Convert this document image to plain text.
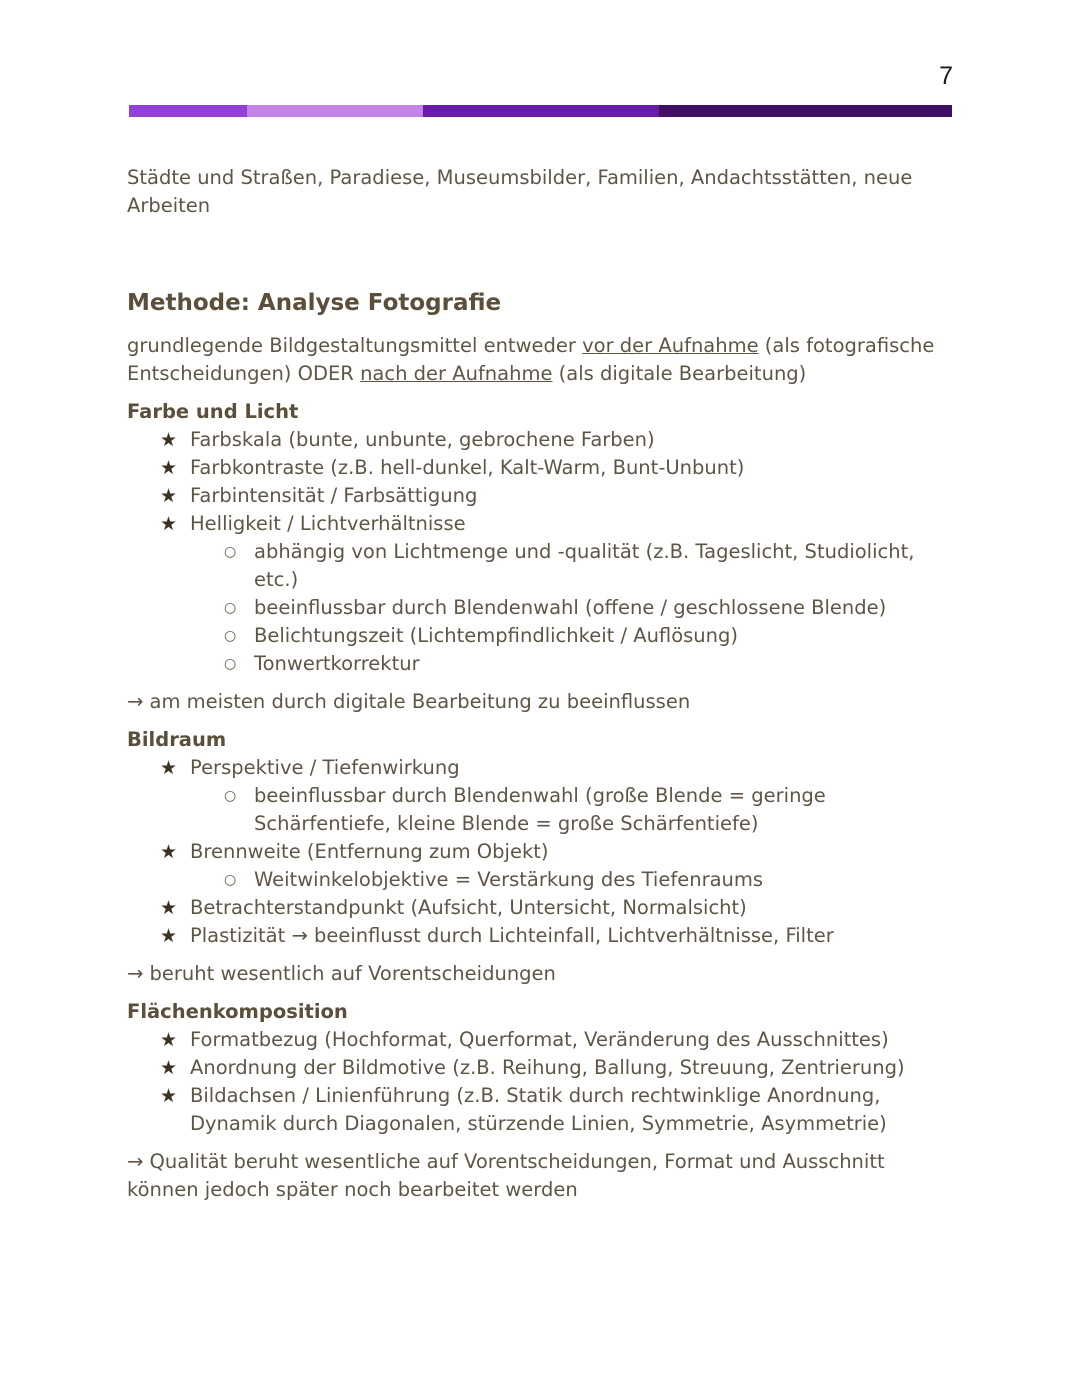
7

Städte und Straßen, Paradiese, Museumsbilder, Familien, Andachtsstätten, neue Arbeiten

Methode: Analyse Fotografie

grundlegende Bildgestaltungsmittel entweder vor der Aufnahme (als fotografische Entscheidungen) ODER nach der Aufnahme (als digitale Bearbeitung)

Farbe und Licht
★ Farbskala (bunte, unbunte, gebrochene Farben)
★ Farbkontraste (z.B. hell-dunkel, Kalt-Warm, Bunt-Unbunt)
★ Farbintensität / Farbsättigung
★ Helligkeit / Lichtverhältnisse
○ abhängig von Lichtmenge und -qualität (z.B. Tageslicht, Studiolicht, etc.)
○ beeinflussbar durch Blendenwahl (offene / geschlossene Blende)
○ Belichtungszeit (Lichtempfindlichkeit / Auflösung)
○ Tonwertkorrektur

→ am meisten durch digitale Bearbeitung zu beeinflussen

Bildraum
★ Perspektive / Tiefenwirkung
○ beeinflussbar durch Blendenwahl (große Blende = geringe Schärfentiefe, kleine Blende = große Schärfentiefe)
★ Brennweite (Entfernung zum Objekt)
○ Weitwinkelobjektive = Verstärkung des Tiefenraums
★ Betrachterstandpunkt (Aufsicht, Untersicht, Normalsicht)
★ Plastizität → beeinflusst durch Lichteinfall, Lichtverhältnisse, Filter

→ beruht wesentlich auf Vorentscheidungen

Flächenkomposition
★ Formatbezug (Hochformat, Querformat, Veränderung des Ausschnittes)
★ Anordnung der Bildmotive (z.B. Reihung, Ballung, Streuung, Zentrierung)
★ Bildachsen / Linienführung (z.B. Statik durch rechtwinklige Anordnung, Dynamik durch Diagonalen, stürzende Linien, Symmetrie, Asymmetrie)

→ Qualität beruht wesentliche auf Vorentscheidungen, Format und Ausschnitt können jedoch später noch bearbeitet werden
